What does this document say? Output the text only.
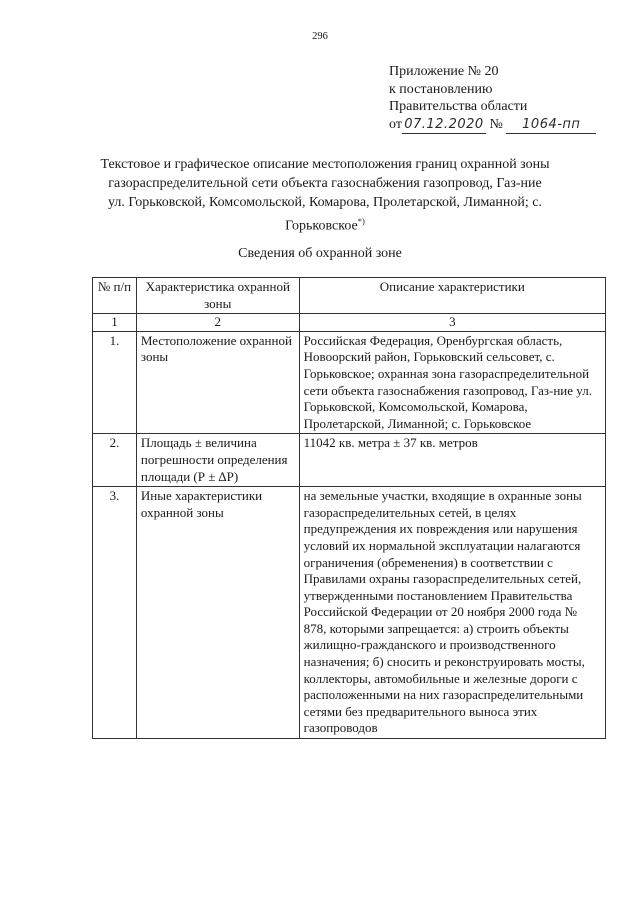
296
Приложение № 20
к постановлению
Правительства области
от 07.12.2020 № 1064-пп
Текстовое и графическое описание местоположения границ охранной зоны газораспределительной сети объекта газоснабжения газопровод, Газ-ние ул. Горьковской, Комсомольской, Комарова, Пролетарской, Лиманной; с. Горьковское*)
Сведения об охранной зоне
№ п/п	Характеристика охранной зоны	Описание характеристики
1	2	3
1.	Местоположение охранной зоны	Российская Федерация, Оренбургская область, Новоорский район, Горьковский сельсовет, с. Горьковское; охранная зона газораспределительной сети объекта газоснабжения газопровод, Газ-ние ул. Горьковской, Комсомольской, Комарова, Пролетарской, Лиманной; с. Горьковское
2.	Площадь ± величина погрешности определения площади (Р ± ∆Р)	11042 кв. метра ± 37 кв. метров
3.	Иные характеристики охранной зоны	на земельные участки, входящие в охранные зоны газораспределительных сетей, в целях предупреждения их повреждения или нарушения условий их нормальной эксплуатации налагаются ограничения (обременения) в соответствии с Правилами охраны газораспределительных сетей, утвержденными постановлением Правительства Российской Федерации от 20 ноября 2000 года № 878, которыми запрещается: а) строить объекты жилищно-гражданского и производственного назначения; б) сносить и реконструировать мосты, коллекторы, автомобильные и железные дороги с расположенными на них газораспределительными сетями без предварительного выноса этих газопроводов
